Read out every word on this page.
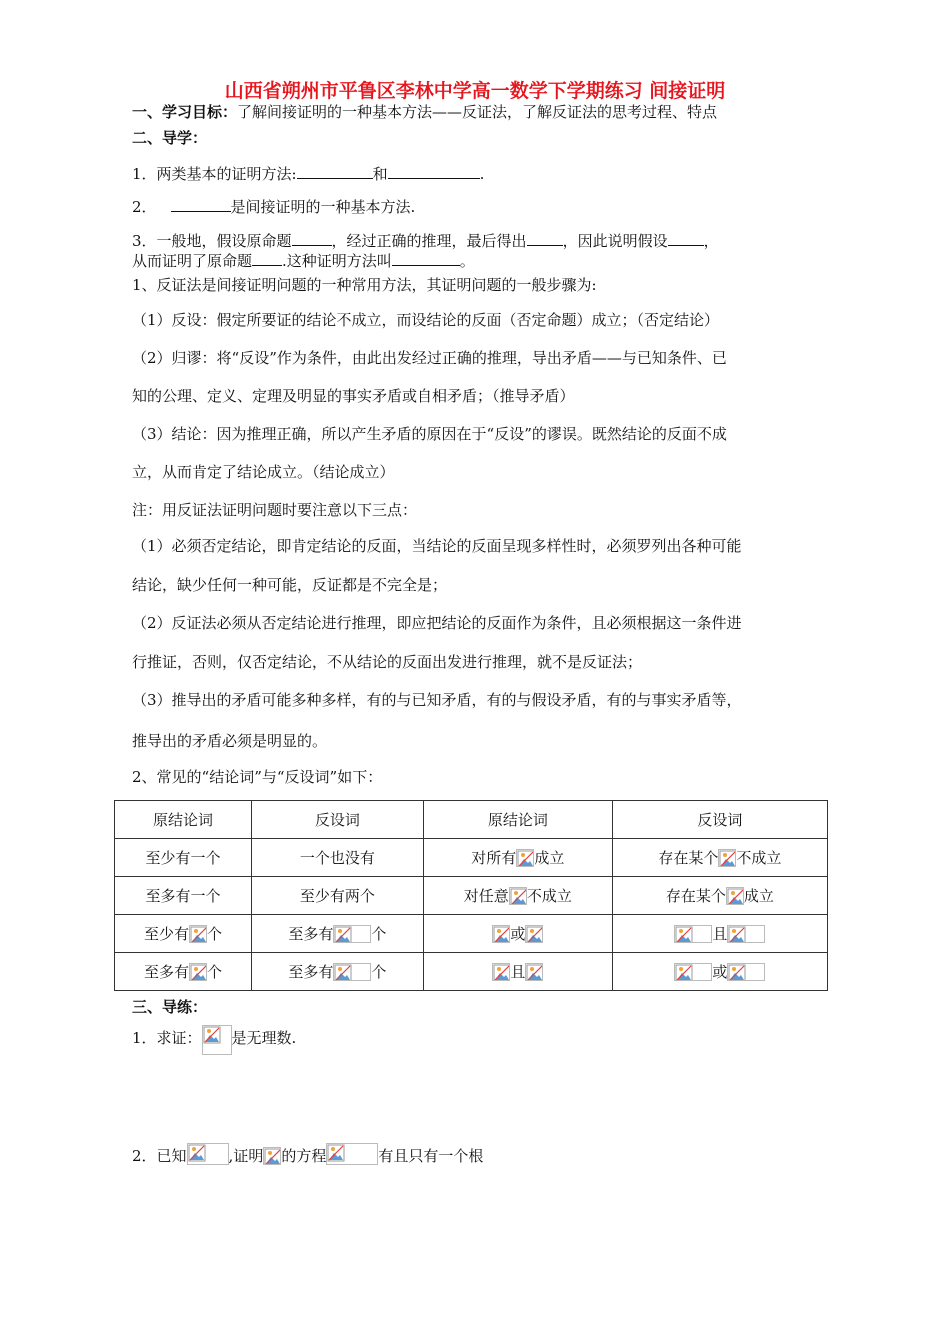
山西省朔州市平鲁区李林中学高一数学下学期练习 间接证明
一、学习目标：了解间接证明的一种基本方法——反证法，了解反证法的思考过程、特点
二、导学：
1．两类基本的证明方法:	和	.
2．	是间接证明的一种基本方法.
3．一般地，假设原命题	，经过正确的推理，最后得出 ，因此说明假设 ，
从而证明了原命题 .这种证明方法叫	。
1、反证法是间接证明问题的一种常用方法，其证明问题的一般步骤为:
（1）反设：假定所要证的结论不成立，而设结论的反面（否定命题）成立；（否定结论）
（2）归谬：将“反设”作为条件，由此出发经过正确的推理，导出矛盾——与已知条件、已
知的公理、定义、定理及明显的事实矛盾或自相矛盾；（推导矛盾）
（3）结论：因为推理正确，所以产生矛盾的原因在于“反设”的谬误。既然结论的反面不成
立，从而肯定了结论成立。（结论成立）
注：用反证法证明问题时要注意以下三点：
（1）必须否定结论，即肯定结论的反面，当结论的反面呈现多样性时，必须罗列出各种可能
结论，缺少任何一种可能，反证都是不完全是；
（2）反证法必须从否定结论进行推理，即应把结论的反面作为条件，且必须根据这一条件进
行推证，否则，仅否定结论，不从结论的反面出发进行推理，就不是反证法；
（3）推导出的矛盾可能多种多样，有的与已知矛盾，有的与假设矛盾，有的与事实矛盾等，
推导出的矛盾必须是明显的。
2、常见的“结论词”与“反设词”如下：
原结论词	反设词	原结论词	反设词
至少有一个	一个也没有	对所有 成立	存在某个 不成立
至多有一个	至少有两个	对任意 不成立	存在某个 成立
至少有 个	至多有 个	或	且

至多有 个	至多有 个	且	或
三、导练：
1．求证： 是无理数.
2．已知	,证明 的方程	有且只有一个根
